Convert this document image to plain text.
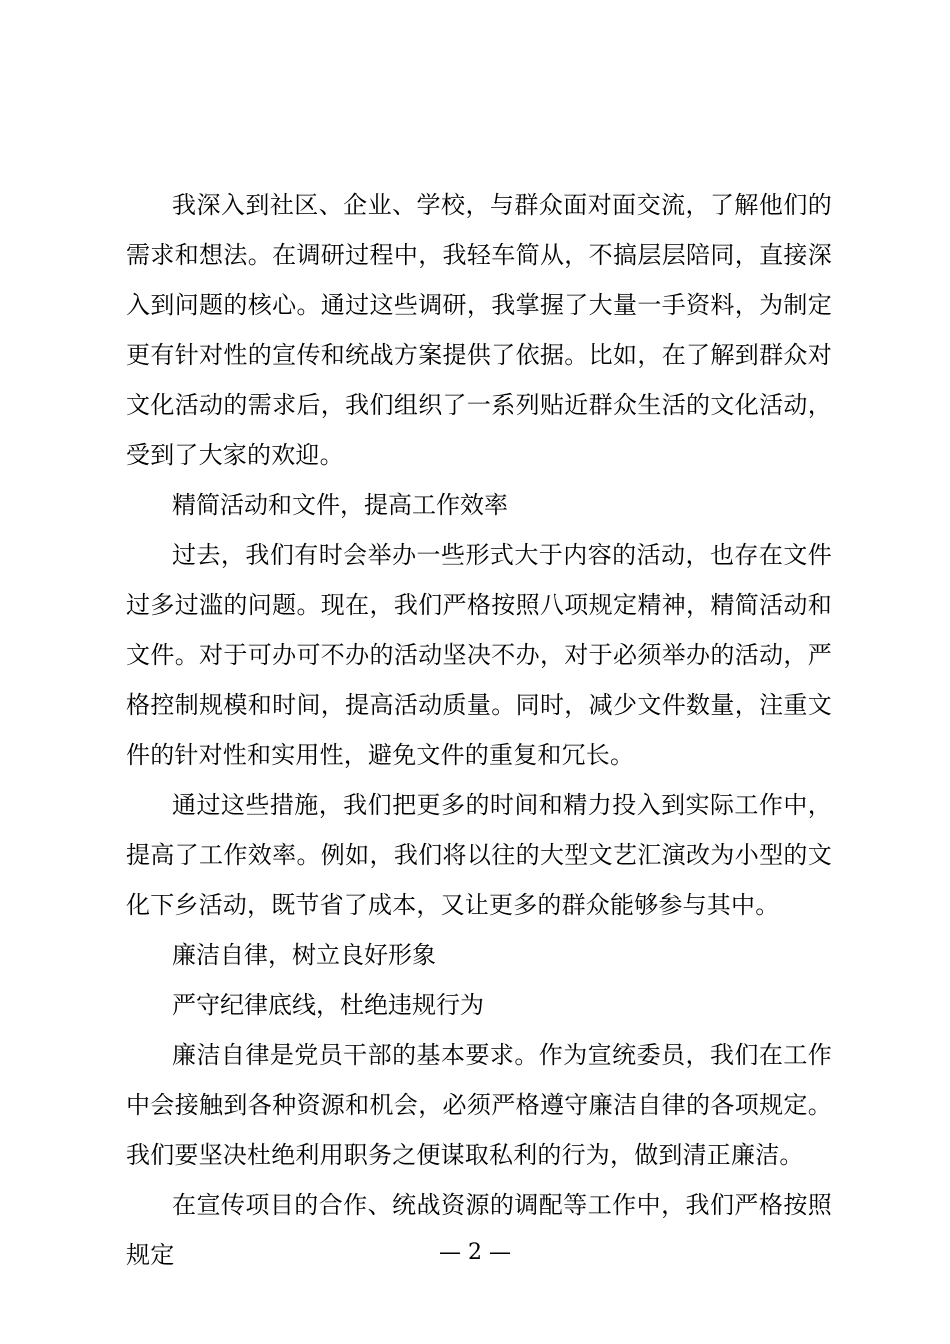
我深入到社区、企业、学校，与群众面对面交流，了解他们的需求和想法。在调研过程中，我轻车简从，不搞层层陪同，直接深入到问题的核心。通过这些调研，我掌握了大量一手资料，为制定更有针对性的宣传和统战方案提供了依据。比如，在了解到群众对文化活动的需求后，我们组织了一系列贴近群众生活的文化活动，受到了大家的欢迎。

精简活动和文件，提高工作效率

过去，我们有时会举办一些形式大于内容的活动，也存在文件过多过滥的问题。现在，我们严格按照八项规定精神，精简活动和文件。对于可办可不办的活动坚决不办，对于必须举办的活动，严格控制规模和时间，提高活动质量。同时，减少文件数量，注重文件的针对性和实用性，避免文件的重复和冗长。

通过这些措施，我们把更多的时间和精力投入到实际工作中，提高了工作效率。例如，我们将以往的大型文艺汇演改为小型的文化下乡活动，既节省了成本，又让更多的群众能够参与其中。

廉洁自律，树立良好形象

严守纪律底线，杜绝违规行为

廉洁自律是党员干部的基本要求。作为宣统委员，我们在工作中会接触到各种资源和机会，必须严格遵守廉洁自律的各项规定。我们要坚决杜绝利用职务之便谋取私利的行为，做到清正廉洁。

在宣传项目的合作、统战资源的调配等工作中，我们严格按照规定	— 2 —
